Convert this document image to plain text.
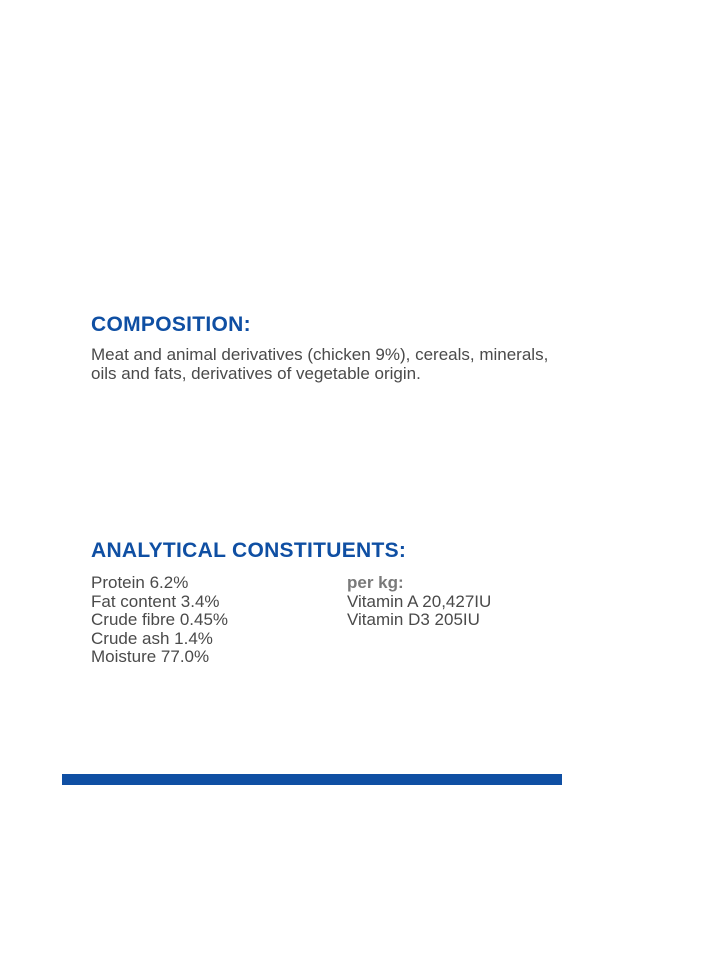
COMPOSITION:

Meat and animal derivatives (chicken 9%), cereals, minerals, oils and fats, derivatives of vegetable origin.

ANALYTICAL CONSTITUENTS:
Protein 6.2%
Fat content 3.4%
Crude fibre 0.45%
Crude ash 1.4%
Moisture 77.0%
per kg:
Vitamin A 20,427IU
Vitamin D3 205IU
